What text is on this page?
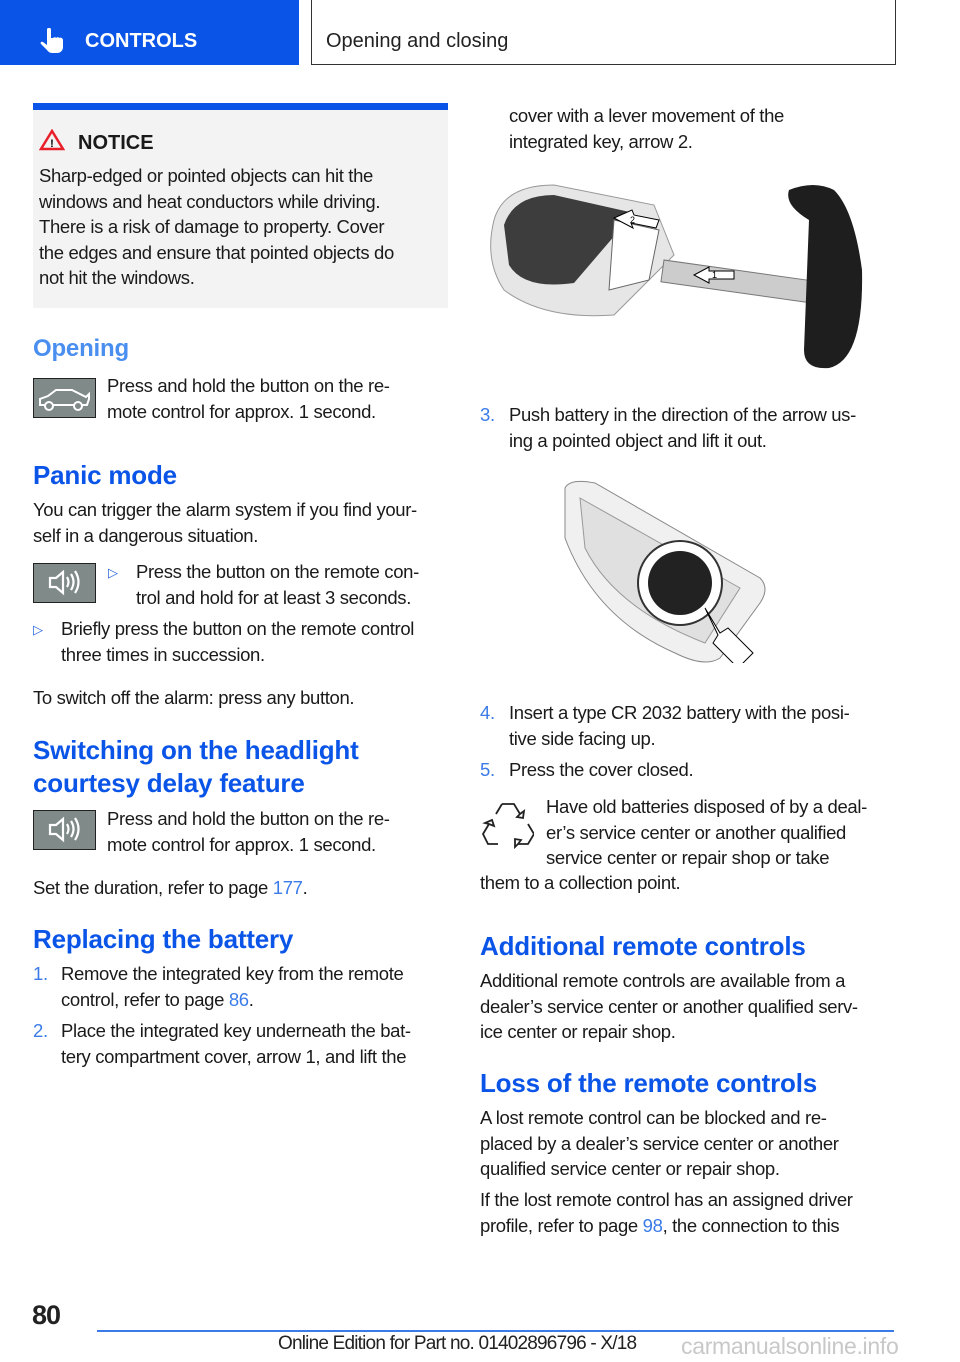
CONTROLS	Opening and closing
! NOTICE
Sharp-edged or pointed objects can hit the
windows and heat conductors while driving.
There is a risk of damage to property. Cover
the edges and ensure that pointed objects do
not hit the windows.
Opening
Press and hold the button on the re-
mote control for approx. 1 second.
Panic mode
You can trigger the alarm system if you find your-
self in a dangerous situation.
▷ Press the button on the remote con-
trol and hold for at least 3 seconds.
▷ Briefly press the button on the remote control
three times in succession.
To switch off the alarm: press any button.
Switching on the headlight
courtesy delay feature
Press and hold the button on the re-
mote control for approx. 1 second.
Set the duration, refer to page 177.
Replacing the battery
1. Remove the integrated key from the remote
control, refer to page 86.
2. Place the integrated key underneath the bat-
tery compartment cover, arrow 1, and lift the
cover with a lever movement of the
integrated key, arrow 2.
1
2
3. Push battery in the direction of the arrow us-
ing a pointed object and lift it out.
4. Insert a type CR 2032 battery with the posi-
tive side facing up.
5. Press the cover closed.
Have old batteries disposed of by a deal-
er’s service center or another qualified
service center or repair shop or take
them to a collection point.
Additional remote controls
Additional remote controls are available from a
dealer’s service center or another qualified serv-
ice center or repair shop.
Loss of the remote controls
A lost remote control can be blocked and re-
placed by a dealer’s service center or another
qualified service center or repair shop.
If the lost remote control has an assigned driver
profile, refer to page 98, the connection to this
80
Online Edition for Part no. 01402896796 - X/18 carmanualsonline.info
